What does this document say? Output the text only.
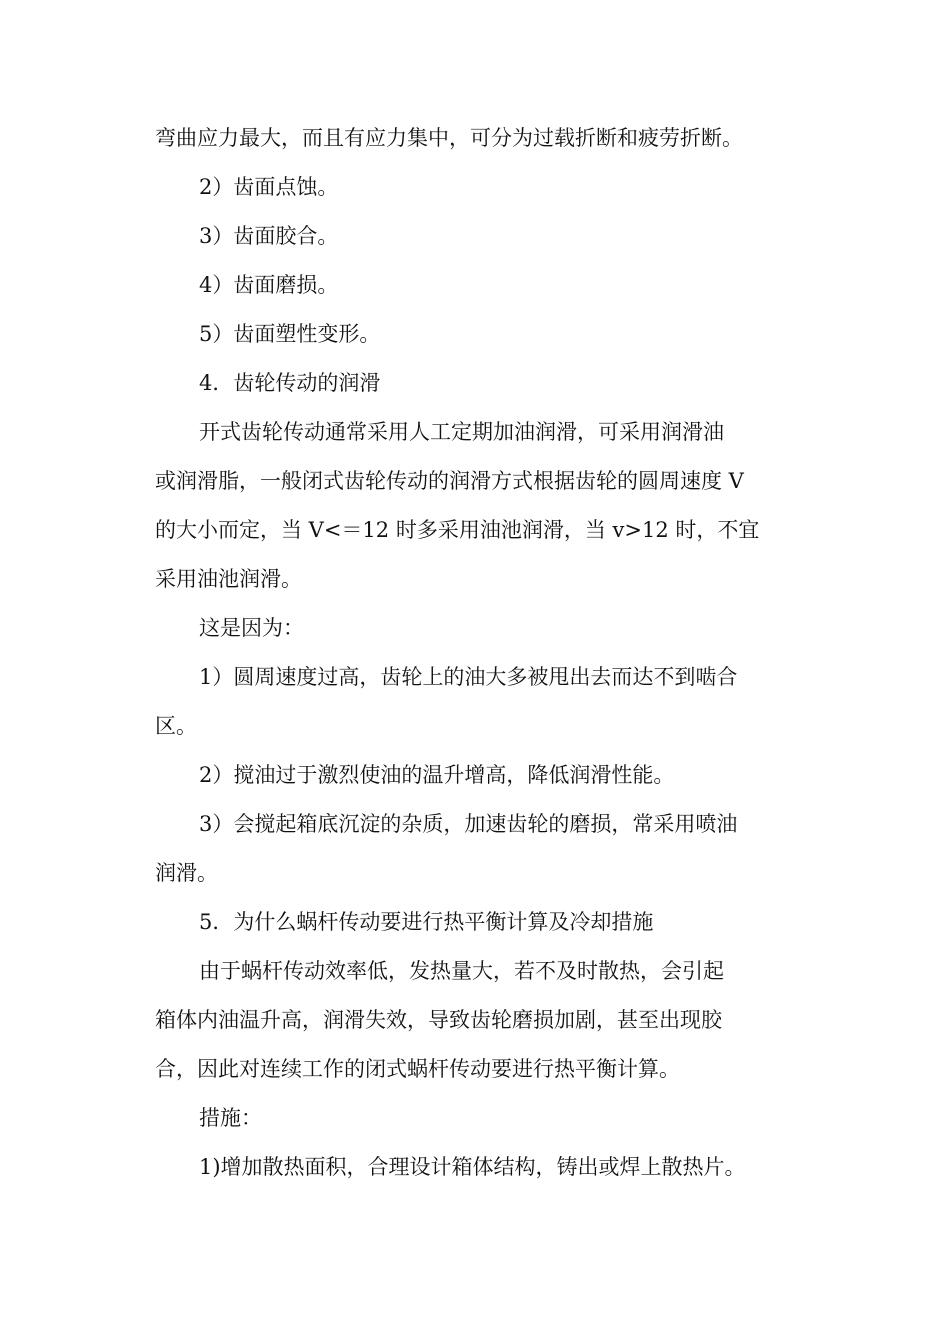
弯曲应力最大，而且有应力集中，可分为过载折断和疲劳折断。
2）齿面点蚀。
3）齿面胶合。
4）齿面磨损。
5）齿面塑性变形。
4．齿轮传动的润滑
开式齿轮传动通常采用人工定期加油润滑，可采用润滑油
或润滑脂，一般闭式齿轮传动的润滑方式根据齿轮的圆周速度 V
的大小而定，当 V<＝12 时多采用油池润滑，当 v>12 时，不宜
采用油池润滑。
这是因为：
1）圆周速度过高，齿轮上的油大多被甩出去而达不到啮合
区。
2）搅油过于激烈使油的温升增高，降低润滑性能。
3）会搅起箱底沉淀的杂质，加速齿轮的磨损，常采用喷油
润滑。
5．为什么蜗杆传动要进行热平衡计算及冷却措施
由于蜗杆传动效率低，发热量大，若不及时散热，会引起
箱体内油温升高，润滑失效，导致齿轮磨损加剧，甚至出现胶
合，因此对连续工作的闭式蜗杆传动要进行热平衡计算。
措施：
1)增加散热面积，合理设计箱体结构，铸出或焊上散热片。
